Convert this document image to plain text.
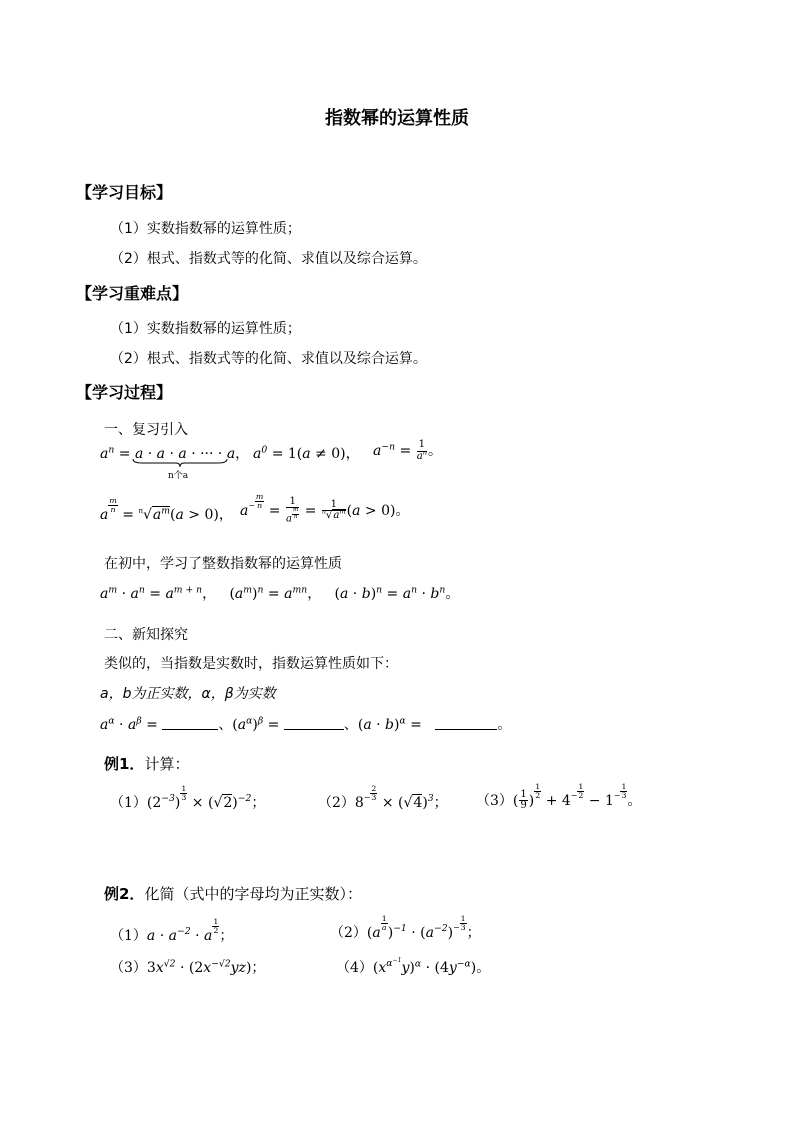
指数幂的运算性质
【学习目标】
（1）实数指数幂的运算性质；
（2）根式、指数式等的化简、求值以及综合运算。
【学习重难点】
（1）实数指数幂的运算性质；
（2）根式、指数式等的化简、求值以及综合运算。
【学习过程】
一、复习引入
$a^n = a \cdot a \cdot a$ · ··· · a，
n个a
$a^0 = 1(a \ne 0)$， $a^{-n} = \frac{1}{a^n}$ 。
a
$\frac{m}{n}$
= $^n√a^m(a > 0)$， $a - \frac{m}{n}$
= $\frac{1}{a \frac{m}{n}} = \frac{1}{^n√a^m} (a > 0)$。
在初中，学习了整数指数幂的运算性质
$a^m \cdot a^n = a^{m + n}$，   $(a^m)^n = a^{mn}$，   $(a \cdot b)^n = a^n \cdot b^n$。
二、新知探究
类似的，当指数是实数时，指数运算性质如下：
a，b为正实数，α，β为实数
$a^\alpha \cdot a^\beta$ =	、$(a^\alpha)^\beta$ =	、$(a \cdot b)^\alpha$ =	。
例1．计算：
$(1)(2^{-3})$
$\frac{1}{3}$
× $(√2)^{-2}$；	$(2)8 - \frac{2}{3}$
× $(√4)^3$； $(3)( \frac{1}{9}$ )
$\frac{1}{2}$
+ $4 - \frac{1}{2}$
− $1 - \frac{1}{3}$
。
例2．化简（式中的字母均为正实数）：
$(1)a \cdot a^{-2} \cdot a$
$\frac{1}{2}$
；	（2）(a
$\frac{1}{a}$
)$^{-1} \cdot (a^{-2}) - \frac{1}{3}$
；
$(3)3x^{√2} \cdot (2x^{-√2}yz)$；	$(4)(x^{\alpha^{-1}}y)^\alpha \cdot (4y^{-\alpha})$。
